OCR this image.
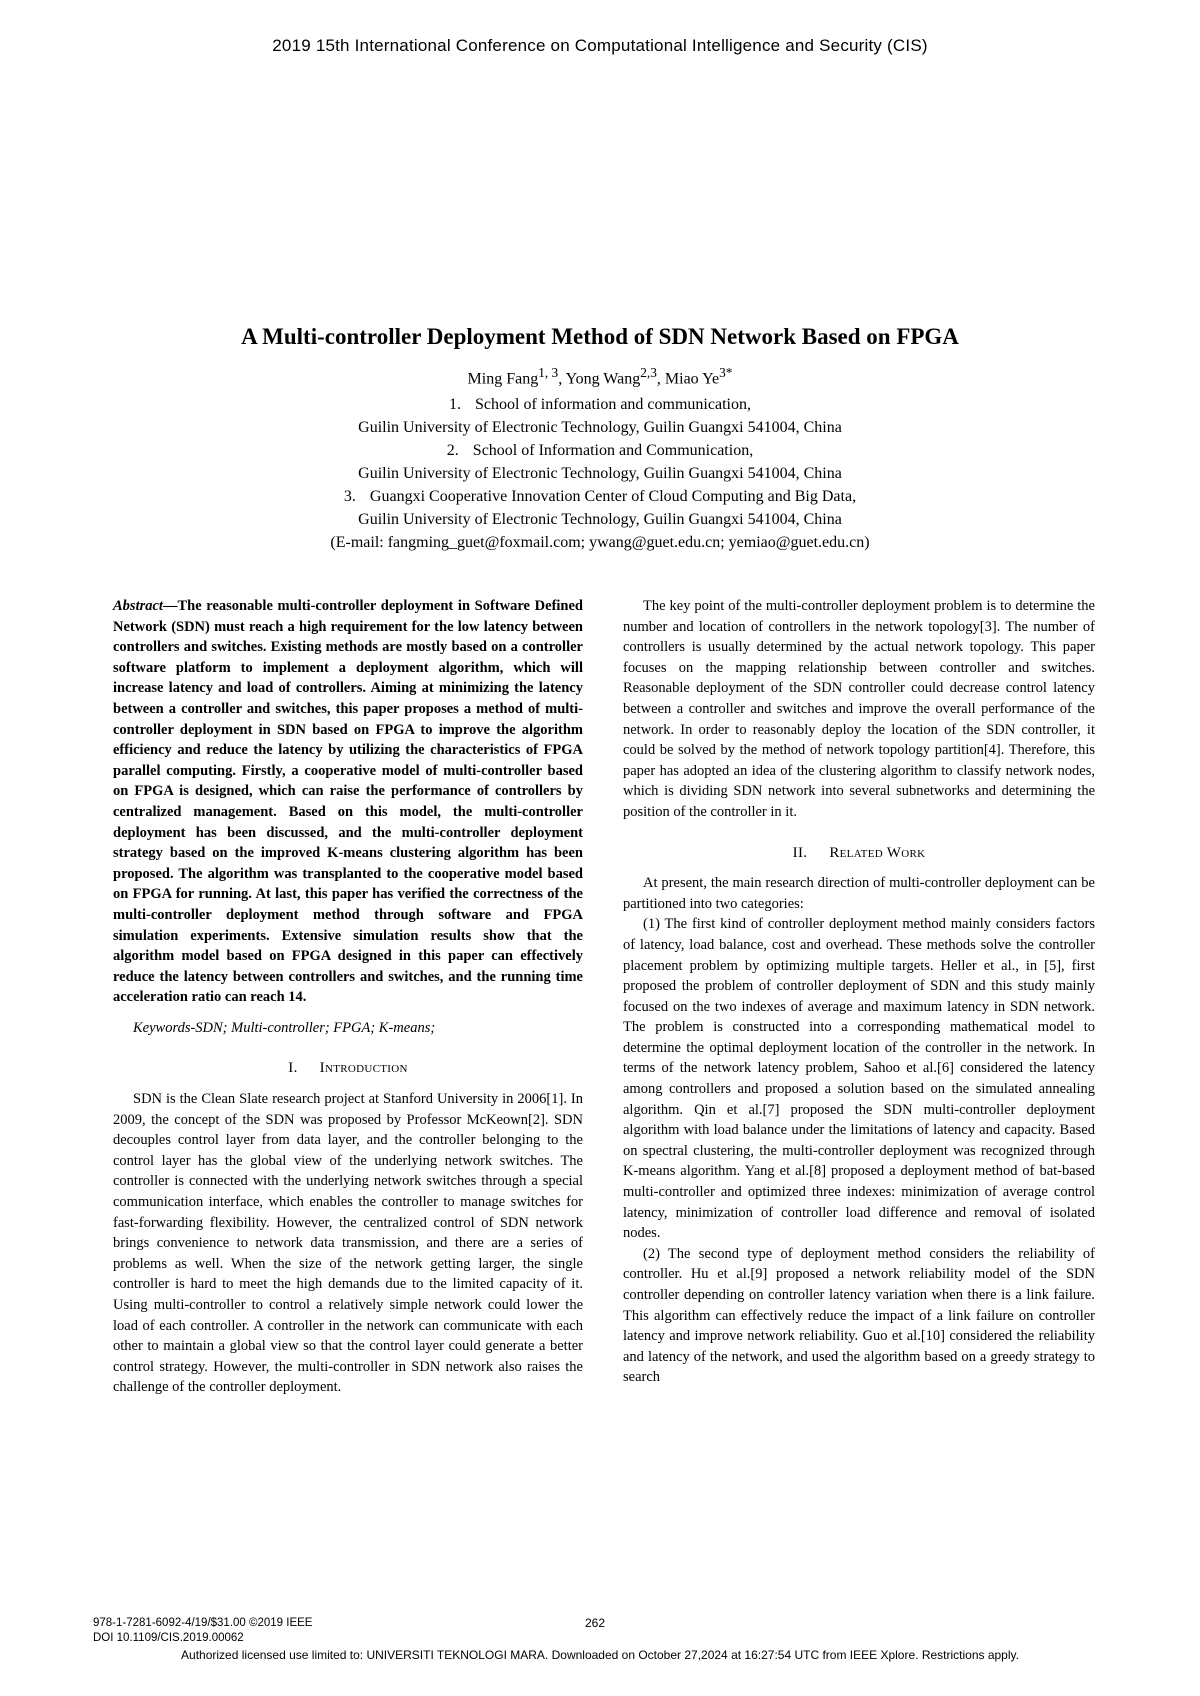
2019 15th International Conference on Computational Intelligence and Security (CIS)
A Multi-controller Deployment Method of SDN Network Based on FPGA
Ming Fang$^{1, 3}$, Yong Wang$^{2,3}$, Miao $Ye^{3*}$
1. School of information and communication,
Guilin University of Electronic Technology, Guilin Guangxi 541004, China
2. School of Information and Communication,
Guilin University of Electronic Technology, Guilin Guangxi 541004, China
3. Guangxi Cooperative Innovation Center of Cloud Computing and Big Data,
Guilin University of Electronic Technology, Guilin Guangxi 541004, China
(E-mail: fangming_guet@foxmail.com; ywang@guet.edu.cn; yemiao@guet.edu.cn)

Abstract—The reasonable multi-controller deployment in Software Defined Network (SDN) must reach a high requirement for the low latency between controllers and switches. Existing methods are mostly based on a controller software platform to implement a deployment algorithm, which will increase latency and load of controllers. Aiming at minimizing the latency between a controller and switches, this paper proposes a method of multi-controller deployment in SDN based on FPGA to improve the algorithm efficiency and reduce the latency by utilizing the characteristics of FPGA parallel computing. Firstly, a cooperative model of multi-controller based on FPGA is designed, which can raise the performance of controllers by centralized management. Based on this model, the multi-controller deployment has been discussed, and the multi-controller deployment strategy based on the improved K-means clustering algorithm has been proposed. The algorithm was transplanted to the cooperative model based on FPGA for running. At last, this paper has verified the correctness of the multi-controller deployment method through software and FPGA simulation experiments. Extensive simulation results show that the algorithm model based on FPGA designed in this paper can effectively reduce the latency between controllers and switches, and the running time acceleration ratio can reach 14.

Keywords-SDN; Multi-controller; FPGA; K-means;

I. Introduction

SDN is the Clean Slate research project at Stanford University in 2006[1]. In 2009, the concept of the SDN was proposed by Professor McKeown[2]. SDN decouples control layer from data layer, and the controller belonging to the control layer has the global view of the underlying network switches. The controller is connected with the underlying network switches through a special communication interface, which enables the controller to manage switches for fast-forwarding flexibility. However, the centralized control of SDN network brings convenience to network data transmission, and there are a series of problems as well. When the size of the network getting larger, the single controller is hard to meet the high demands due to the limited capacity of it. Using multi-controller to control a relatively simple network could lower the load of each controller. A controller in the network can communicate with each other to maintain a global view so that the control layer could generate a better control strategy. However, the multi-controller in SDN network also raises the challenge of the controller deployment.

The key point of the multi-controller deployment problem is to determine the number and location of controllers in the network topology[3]. The number of controllers is usually determined by the actual network topology. This paper focuses on the mapping relationship between controller and switches. Reasonable deployment of the SDN controller could decrease control latency between a controller and switches and improve the overall performance of the network. In order to reasonably deploy the location of the SDN controller, it could be solved by the method of network topology partition[4]. Therefore, this paper has adopted an idea of the clustering algorithm to classify network nodes, which is dividing SDN network into several subnetworks and determining the position of the controller in it.

II. Related Work

At present, the main research direction of multi-controller deployment can be partitioned into two categories:

(1) The first kind of controller deployment method mainly considers factors of latency, load balance, cost and overhead. These methods solve the controller placement problem by optimizing multiple targets. Heller et al., in [5], first proposed the problem of controller deployment of SDN and this study mainly focused on the two indexes of average and maximum latency in SDN network. The problem is constructed into a corresponding mathematical model to determine the optimal deployment location of the controller in the network. In terms of the network latency problem, Sahoo et al.[6] considered the latency among controllers and proposed a solution based on the simulated annealing algorithm. Qin et al.[7] proposed the SDN multi-controller deployment algorithm with load balance under the limitations of latency and capacity. Based on spectral clustering, the multi-controller deployment was recognized through K-means algorithm. Yang et al.[8] proposed a deployment method of bat-based multi-controller and optimized three indexes: minimization of average control latency, minimization of controller load difference and removal of isolated nodes.

(2) The second type of deployment method considers the reliability of controller. Hu et al.[9] proposed a network reliability model of the SDN controller depending on controller latency variation when there is a link failure. This algorithm can effectively reduce the impact of a link failure on controller latency and improve network reliability. Guo et al.[10] considered the reliability and latency of the network, and used the algorithm based on a greedy strategy to search

978-1-7281-6092-4/19/$31.00 ©2019 IEEE
DOI 10.1109/CIS.2019.00062
262
Authorized licensed use limited to: UNIVERSITI TEKNOLOGI MARA. Downloaded on October 27,2024 at 16:27:54 UTC from IEEE Xplore. Restrictions apply.
